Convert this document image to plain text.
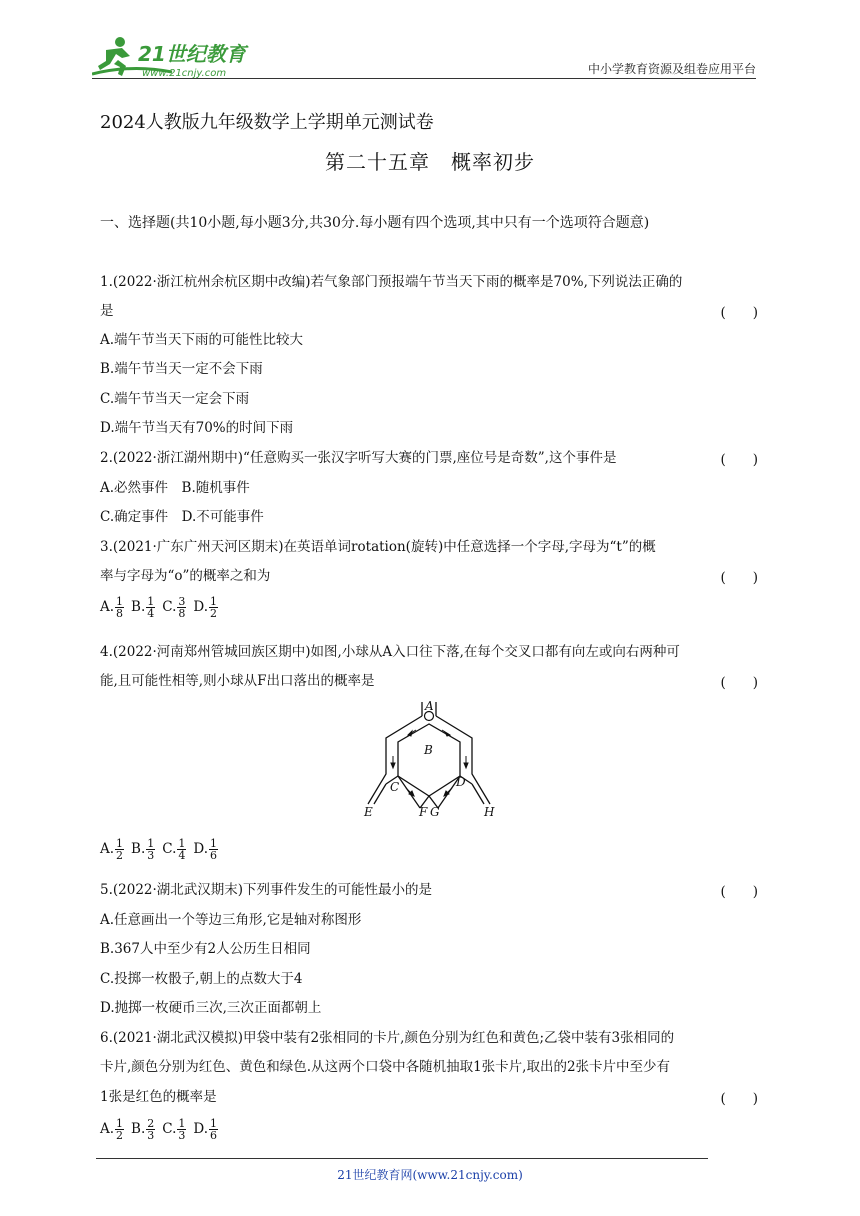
21世纪教育
www.21cnjy.com	中小学教育资源及组卷应用平台
2024人教版九年级数学上学期单元测试卷
第二十五章　概率初步
一、选择题(共10小题,每小题3分,共30分.每小题有四个选项,其中只有一个选项符合题意)
1.(2022·浙江杭州余杭区期中改编)若气象部门预报端午节当天下雨的概率是70%,下列说法正确的
是	(　　)
A.端午节当天下雨的可能性比较大
B.端午节当天一定不会下雨
C.端午节当天一定会下雨
D.端午节当天有70%的时间下雨
2.(2022·浙江湖州期中)“任意购买一张汉字听写大赛的门票,座位号是奇数”,这个事件是	(　　)
A.必然事件　B.随机事件
C.确定事件　D.不可能事件
3.(2021·广东广州天河区期末)在英语单词rotation(旋转)中任意选择一个字母,字母为“t”的概
率与字母为“o”的概率之和为	(　　)
A. $\frac{1}{8} B$. $\frac{1}{4} C$. $\frac{3}{8} D$. $\frac{1}{2}$
4.(2022·河南郑州管城回族区期中)如图,小球从A入口往下落,在每个交叉口都有向左或向右两种可
能,且可能性相等,则小球从F出口落出的概率是	(　　)
A
B
C	D
E	F G	H
A. $\frac{1}{2} B$. $\frac{1}{3} C$. $\frac{1}{4} D$. $\frac{1}{6}$
5.(2022·湖北武汉期末)下列事件发生的可能性最小的是	(　　)
A.任意画出一个等边三角形,它是轴对称图形
B.367人中至少有2人公历生日相同
C.投掷一枚骰子,朝上的点数大于4
D.抛掷一枚硬币三次,三次正面都朝上
6.(2021·湖北武汉模拟)甲袋中装有2张相同的卡片,颜色分别为红色和黄色;乙袋中装有3张相同的
卡片,颜色分别为红色、黄色和绿色.从这两个口袋中各随机抽取1张卡片,取出的2张卡片中至少有
1张是红色的概率是	(　　)
A. $\frac{1}{2} B$. $\frac{2}{3} C$. $\frac{1}{3} D$. $\frac{1}{6}$
21世纪教育网(www.21cnjy.com)
